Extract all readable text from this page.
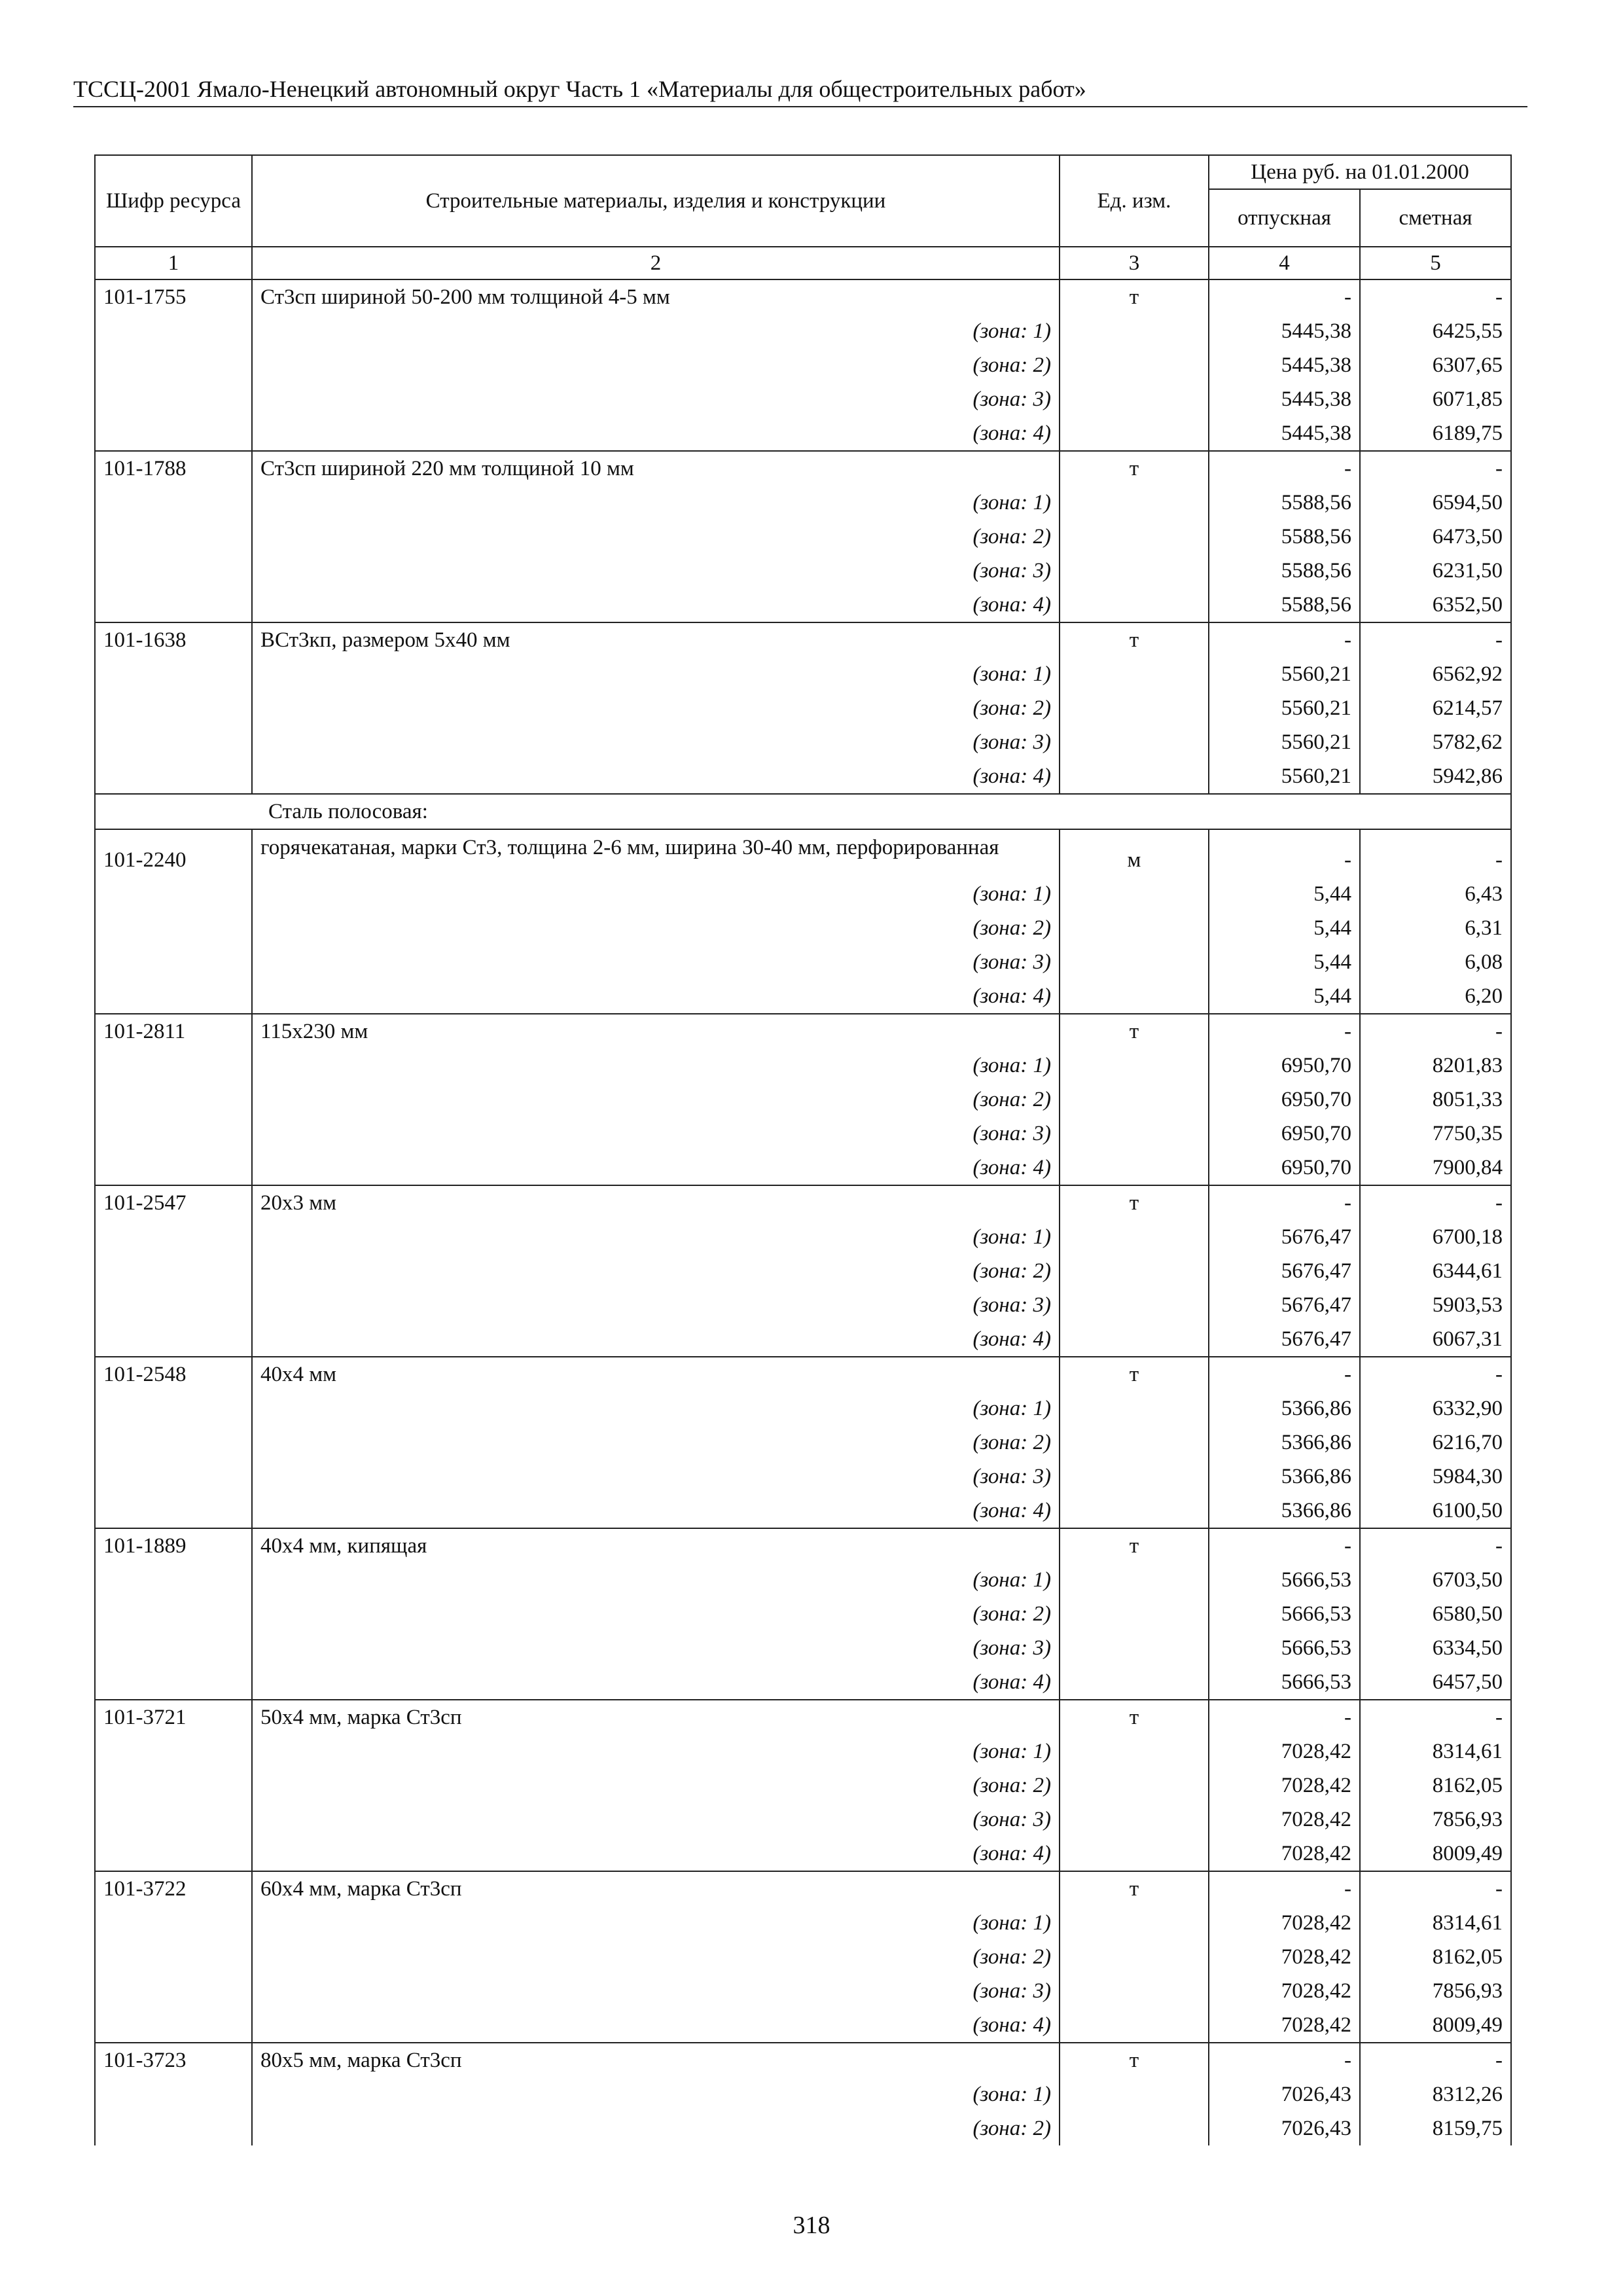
ТССЦ-2001 Ямало-Ненецкий автономный округ Часть 1 «Материалы для общестроительных работ»
Шифр ресурса	Строительные материалы, изделия и конструкции	Ед. изм.	Цена руб. на 01.01.2000	
			отпускная	сметная
1	2	3	4	5
101-1755	Ст3сп шириной 50-200 мм толщиной 4-5 мм	т	-	-
	(зона: 1)		5445,38	6425,55
	(зона: 2)		5445,38	6307,65
	(зона: 3)		5445,38	6071,85
	(зона: 4)		5445,38	6189,75
101-1788	Ст3сп шириной 220 мм толщиной 10 мм	т	-	-
	(зона: 1)		5588,56	6594,50
	(зона: 2)		5588,56	6473,50
	(зона: 3)		5588,56	6231,50
	(зона: 4)		5588,56	6352,50
101-1638	ВСт3кп, размером 5х40 мм	т	-	-
	(зона: 1)		5560,21	6562,92
	(зона: 2)		5560,21	6214,57
	(зона: 3)		5560,21	5782,62
	(зона: 4)		5560,21	5942,86
Сталь полосовая:				
101-2240	горячекатаная, марки Ст3, толщина 2-6 мм, ширина 30-40 мм, перфорированная	м	-	-
	(зона: 1)		5,44	6,43
	(зона: 2)		5,44	6,31
	(зона: 3)		5,44	6,08
	(зона: 4)		5,44	6,20
101-2811	115х230 мм	т	-	-
	(зона: 1)		6950,70	8201,83
	(зона: 2)		6950,70	8051,33
	(зона: 3)		6950,70	7750,35
	(зона: 4)		6950,70	7900,84
101-2547	20х3 мм	т	-	-
	(зона: 1)		5676,47	6700,18
	(зона: 2)		5676,47	6344,61
	(зона: 3)		5676,47	5903,53
	(зона: 4)		5676,47	6067,31
101-2548	40х4 мм	т	-	-
	(зона: 1)		5366,86	6332,90
	(зона: 2)		5366,86	6216,70
	(зона: 3)		5366,86	5984,30
	(зона: 4)		5366,86	6100,50
101-1889	40х4 мм, кипящая	т	-	-
	(зона: 1)		5666,53	6703,50
	(зона: 2)		5666,53	6580,50
	(зона: 3)		5666,53	6334,50
	(зона: 4)		5666,53	6457,50
101-3721	50х4 мм, марка Ст3сп	т	-	-
	(зона: 1)		7028,42	8314,61
	(зона: 2)		7028,42	8162,05
	(зона: 3)		7028,42	7856,93
	(зона: 4)		7028,42	8009,49
101-3722	60х4 мм, марка Ст3сп	т	-	-
	(зона: 1)		7028,42	8314,61
	(зона: 2)		7028,42	8162,05
	(зона: 3)		7028,42	7856,93
	(зона: 4)		7028,42	8009,49
101-3723	80х5 мм, марка Ст3сп	т	-	-
	(зона: 1)		7026,43	8312,26
	(зона: 2)		7026,43	8159,75
318
